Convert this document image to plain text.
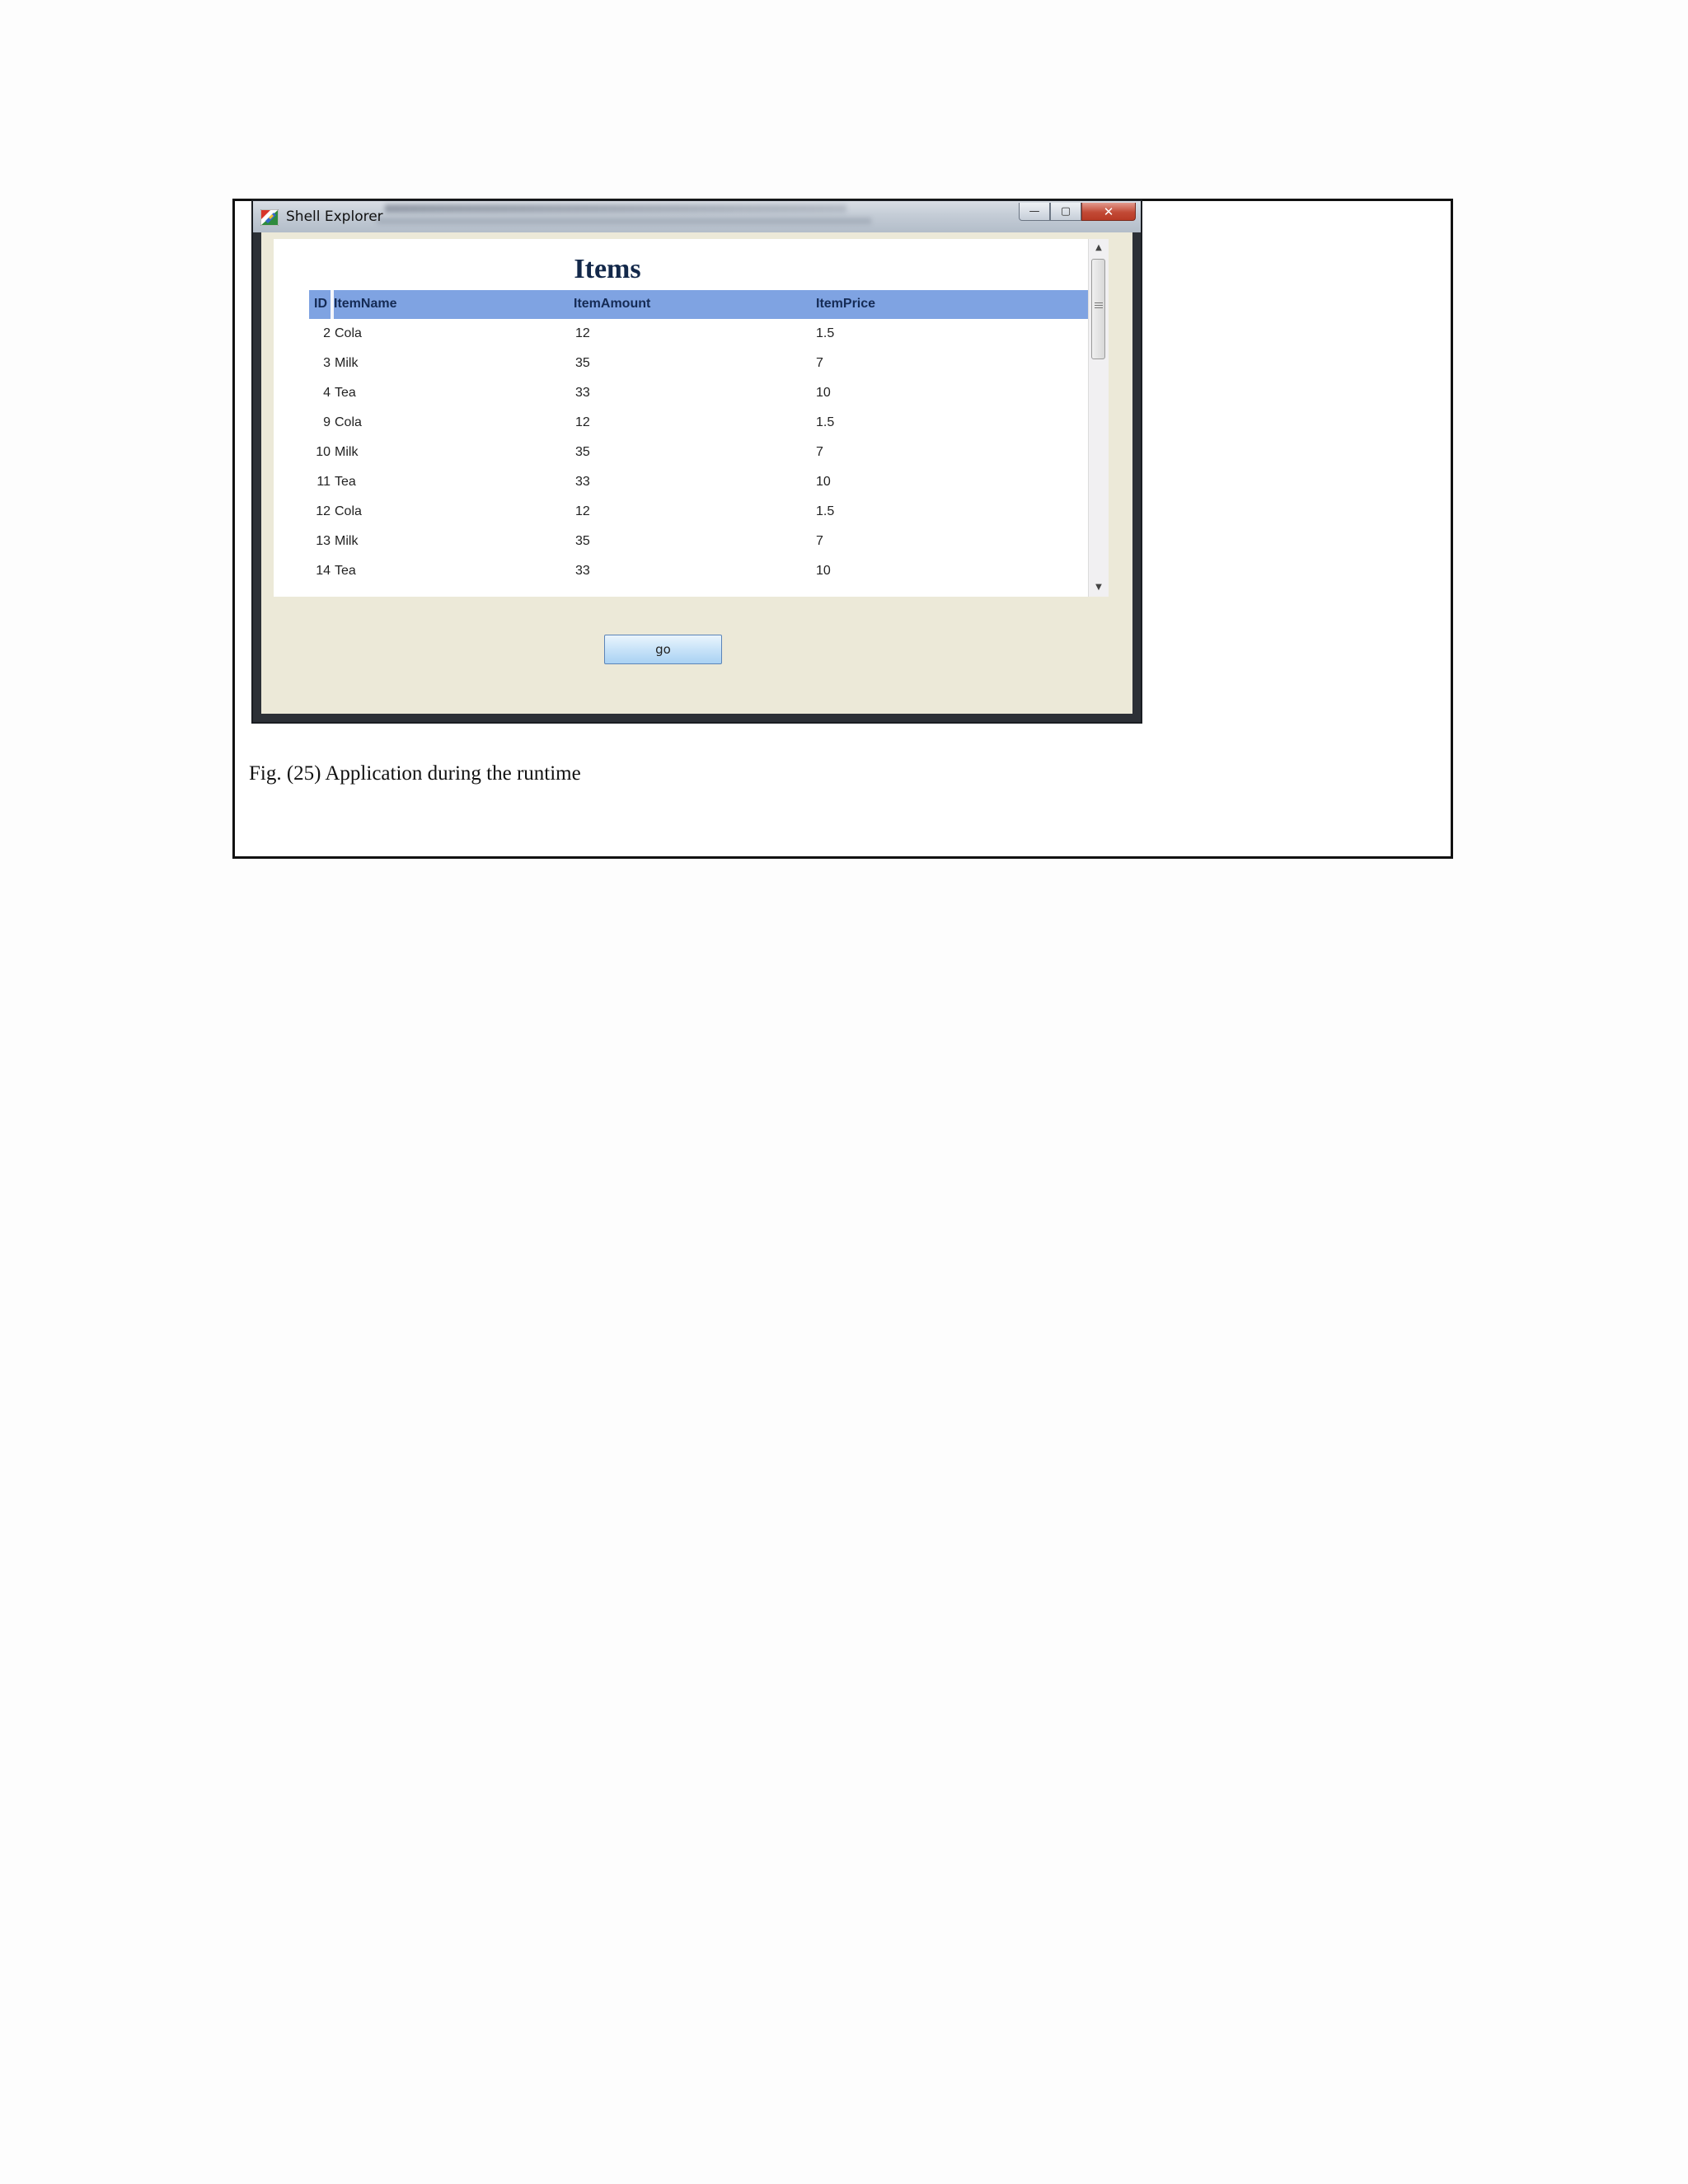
Shell Explorer	—	▢	✕
Items
ID ItemName	ItemAmount	ItemPrice
2 Cola	12	1.5
3 Milk	35	7
4 Tea	33	10
9 Cola	12	1.5
10 Milk	35	7
11 Tea	33	10
12 Cola	12	1.5
13 Milk	35	7
14 Tea	33	10
▲
▼
go
Fig. (25) Application during the runtime
